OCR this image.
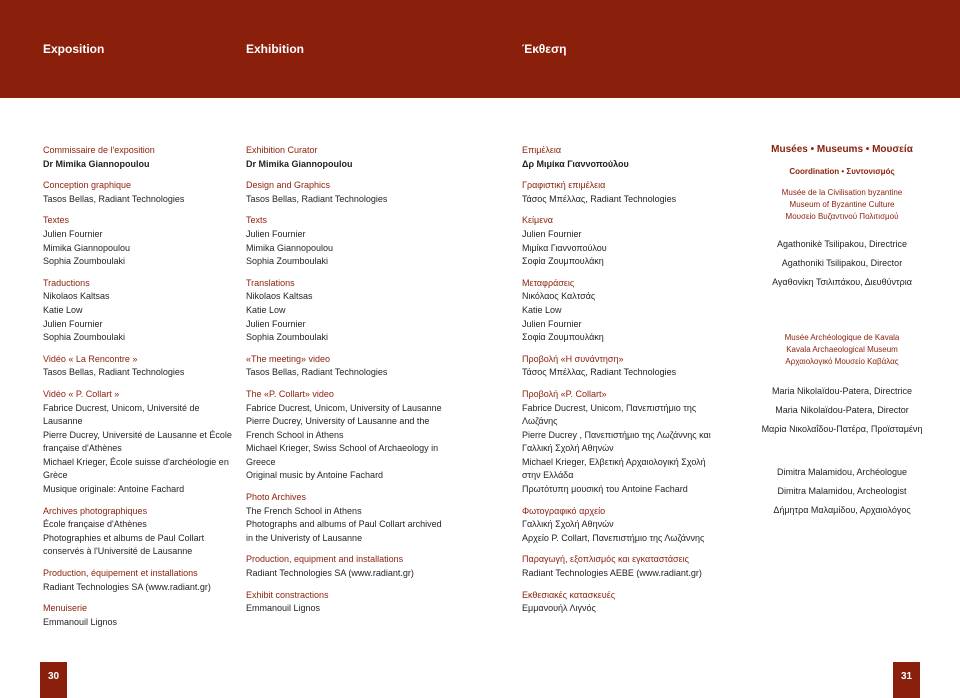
Exposition	Exhibition	Έκθεση
Commissaire de l'exposition
Dr Mimika Giannopoulou
Conception graphique
Tasos Bellas, Radiant Technologies
Textes
Julien Fournier
Mimika Giannopoulou
Sophia Zoumboulaki
Traductions
Nikolaos Kaltsas
Katie Low
Julien Fournier
Sophia Zoumboulaki
Vidéo « La Rencontre »
Tasos Bellas, Radiant Technologies
Vidéo « P. Collart »
Fabrice Ducrest, Unicom, Université de Lausanne
Pierre Ducrey, Université de Lausanne et École française d'Athènes
Michael Krieger, École suisse d'archéologie en Grèce
Musique originale: Antoine Fachard
Archives photographiques
École française d'Athènes
Photographies et albums de Paul Collart conservés à l'Université de Lausanne
Production, équipement et installations
Radiant Technologies SA (www.radiant.gr)
Menuiserie
Emmanouil Lignos
Exhibition Curator
Dr Mimika Giannopoulou
Design and Graphics
Tasos Bellas, Radiant Technologies
Texts
Julien Fournier
Mimika Giannopoulou
Sophia Zoumboulaki
Translations
Nikolaos Kaltsas
Katie Low
Julien Fournier
Sophia Zoumboulaki
«The meeting» video
Tasos Bellas, Radiant Technologies
The «P. Collart» video
Fabrice Ducrest, Unicom, University of Lausanne
Pierre Ducrey, University of Lausanne and the French School in Athens
Michael Krieger, Swiss School of Archaeology in Greece
Original music by Antoine Fachard
Photo Archives
The French School in Athens
Photographs and albums of Paul Collart archived in the Univeristy of Lausanne
Production, equipment and installations
Radiant Technologies SA (www.radiant.gr)
Exhibit constractions
Emmanouil Lignos
Επιμέλεια
Δρ Μιμίκα Γιαννοπούλου
Γραφιστική επιμέλεια
Τάσος Μπέλλας, Radiant Technologies
Κείμενα
Julien Fournier
Μιμίκα Γιαννοπούλου
Σοφία Ζουμπουλάκη
Μεταφράσεις
Νικόλαος Καλτσάς
Katie Low
Julien Fournier
Σοφία Ζουμπουλάκη
Προβολή «Η συνάντηση»
Τάσος Μπέλλας, Radiant Technologies
Προβολή «P. Collart»
Fabrice Ducrest, Unicom, Πανεπιστήμιο της Λωζάνης
Pierre Ducrey , Πανεπιστήμιο της Λωζάννης και Γαλλική Σχολή Αθηνών
Michael Krieger, Ελβετική Αρχαιολογική Σχολή στην Ελλάδα
Πρωτότυπη μουσική του Antoine Fachard
Φωτογραφικό αρχείο
Γαλλική Σχολή Αθηνών
Αρχείο P. Collart, Πανεπιστήμιο της Λωζάννης
Παραγωγή, εξοπλισμός και εγκαταστάσεις
Radiant Technologies AEBE (www.radiant.gr)
Εκθεσιακές κατασκευές
Εμμανουήλ Λιγνός
Musées • Museums • Μουσεία
Coordination • Συντονισμός
Musée de la Civilisation byzantine
Museum of Byzantine Culture
Μουσείο Βυζαντινού Πολιτισμού
Agathonikè Tsilipakou, Directrice
Agathoniki Tsilipakou, Director
Αγαθονίκη Τσιλιπάκου, Διευθύντρια
Musée Archéologique de Kavala
Kavala Archaeological Museum
Αρχαιολογικό Μουσείο Καβάλας
Maria Nikolaïdou-Patera, Directrice
Maria Nikolaïdou-Patera, Director
Μαρία Νικολαΐδου-Πατέρα, Προϊσταμένη
Dimitra Malamidou, Archéologue
Dimitra Malamidou, Archeologist
Δήμητρα Μαλαμίδου, Αρχαιολόγος
30	31
